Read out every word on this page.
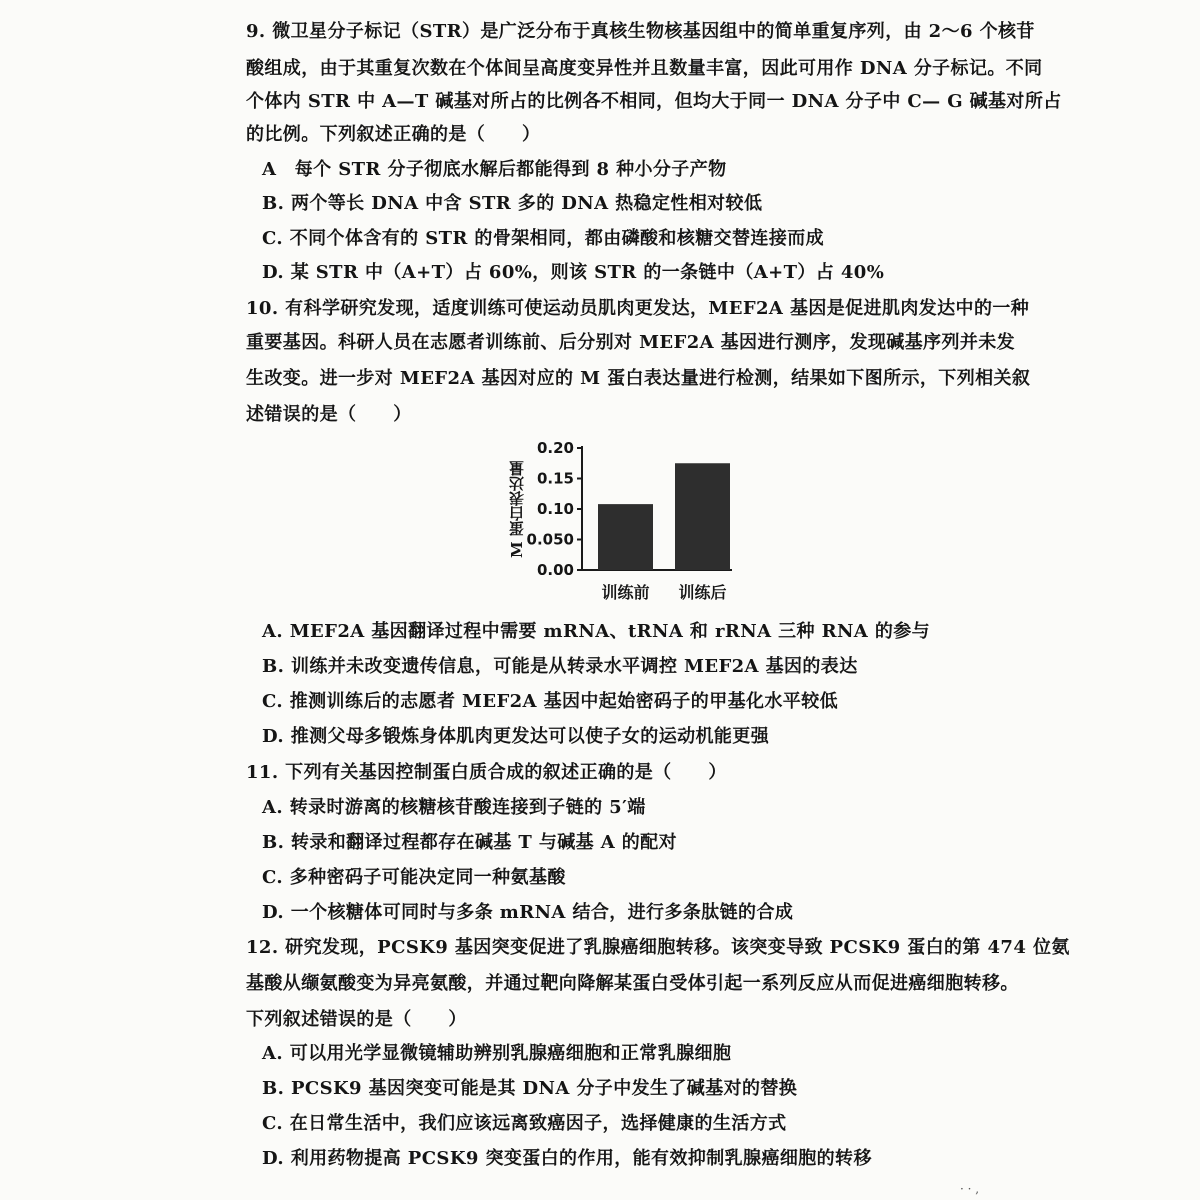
9. 微卫星分子标记（STR）是广泛分布于真核生物核基因组中的简单重复序列，由 2～6 个核苷
酸组成，由于其重复次数在个体间呈高度变异性并且数量丰富，因此可用作 DNA 分子标记。不同
个体内 STR 中 A—T 碱基对所占的比例各不相同，但均大于同一 DNA 分子中 C— G 碱基对所占
的比例。下列叙述正确的是（　　）
A　每个 STR 分子彻底水解后都能得到 8 种小分子产物
B. 两个等长 DNA 中含 STR 多的 DNA 热稳定性相对较低
C. 不同个体含有的 STR 的骨架相同，都由磷酸和核糖交替连接而成
D. 某 STR 中（A+T）占 60%，则该 STR 的一条链中（A+T）占 40%
10. 有科学研究发现，适度训练可使运动员肌肉更发达，MEF2A 基因是促进肌肉发达中的一种
重要基因。科研人员在志愿者训练前、后分别对 MEF2A 基因进行测序，发现碱基序列并未发
生改变。进一步对 MEF2A 基因对应的 M 蛋白表达量进行检测，结果如下图所示，下列相关叙
述错误的是（　　）
M 蛋白表达量
0.00
0.050
0.10
0.15
0.20
训练前 训练后
A. MEF2A 基因翻译过程中需要 mRNA、tRNA 和 rRNA 三种 RNA 的参与
B. 训练并未改变遗传信息，可能是从转录水平调控 MEF2A 基因的表达
C. 推测训练后的志愿者 MEF2A 基因中起始密码子的甲基化水平较低
D. 推测父母多锻炼身体肌肉更发达可以使子女的运动机能更强
11. 下列有关基因控制蛋白质合成的叙述正确的是（　　）
A. 转录时游离的核糖核苷酸连接到子链的 5′端
B. 转录和翻译过程都存在碱基 T 与碱基 A 的配对
C. 多种密码子可能决定同一种氨基酸
D. 一个核糖体可同时与多条 mRNA 结合，进行多条肽链的合成
12. 研究发现，PCSK9 基因突变促进了乳腺癌细胞转移。该突变导致 PCSK9 蛋白的第 474 位氨
基酸从缬氨酸变为异亮氨酸，并通过靶向降解某蛋白受体引起一系列反应从而促进癌细胞转移。
下列叙述错误的是（　　）
A. 可以用光学显微镜辅助辨别乳腺癌细胞和正常乳腺细胞
B. PCSK9 基因突变可能是其 DNA 分子中发生了碱基对的替换
C. 在日常生活中，我们应该远离致癌因子，选择健康的生活方式
D. 利用药物提高 PCSK9 突变蛋白的作用，能有效抑制乳腺癌细胞的转移
· · ,
